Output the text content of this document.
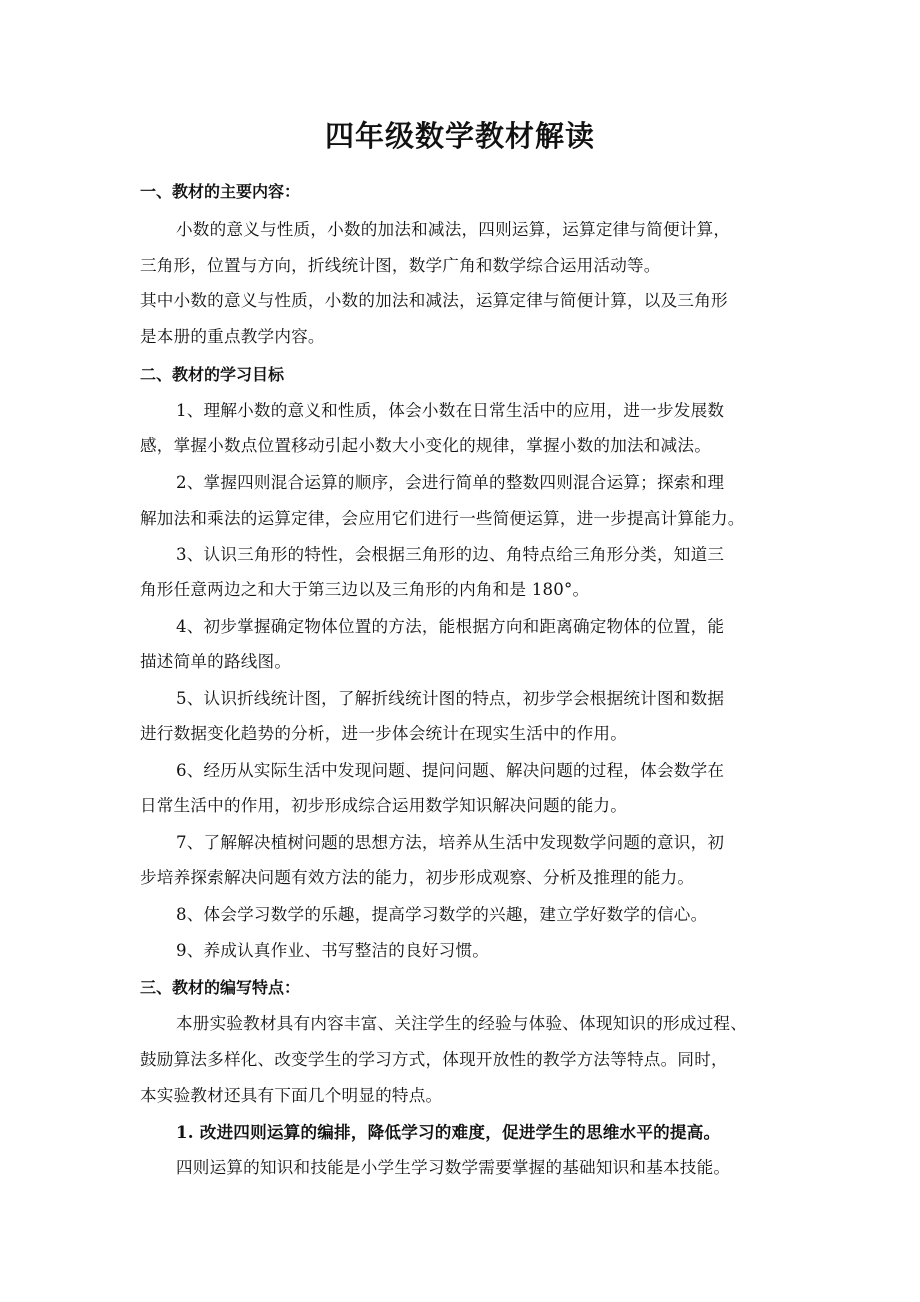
四年级数学教材解读
一、教材的主要内容：
小数的意义与性质，小数的加法和减法，四则运算，运算定律与简便计算，
三角形，位置与方向，折线统计图，数学广角和数学综合运用活动等。
其中小数的意义与性质，小数的加法和减法，运算定律与简便计算，以及三角形
是本册的重点教学内容。
二、教材的学习目标
1、理解小数的意义和性质，体会小数在日常生活中的应用，进一步发展数
感，掌握小数点位置移动引起小数大小变化的规律，掌握小数的加法和减法。
2、掌握四则混合运算的顺序，会进行简单的整数四则混合运算；探索和理
解加法和乘法的运算定律，会应用它们进行一些简便运算，进一步提高计算能力。
3、认识三角形的特性，会根据三角形的边、角特点给三角形分类，知道三
角形任意两边之和大于第三边以及三角形的内角和是 180°。
4、初步掌握确定物体位置的方法，能根据方向和距离确定物体的位置，能
描述简单的路线图。
5、认识折线统计图，了解折线统计图的特点，初步学会根据统计图和数据
进行数据变化趋势的分析，进一步体会统计在现实生活中的作用。
6、经历从实际生活中发现问题、提问问题、解决问题的过程，体会数学在
日常生活中的作用，初步形成综合运用数学知识解决问题的能力。
7、了解解决植树问题的思想方法，培养从生活中发现数学问题的意识，初
步培养探索解决问题有效方法的能力，初步形成观察、分析及推理的能力。
8、体会学习数学的乐趣，提高学习数学的兴趣，建立学好数学的信心。
9、养成认真作业、书写整洁的良好习惯。
三、教材的编写特点：
本册实验教材具有内容丰富、关注学生的经验与体验、体现知识的形成过程、
鼓励算法多样化、改变学生的学习方式，体现开放性的教学方法等特点。同时，
本实验教材还具有下面几个明显的特点。
1. 改进四则运算的编排，降低学习的难度，促进学生的思维水平的提高。
四则运算的知识和技能是小学生学习数学需要掌握的基础知识和基本技能。
